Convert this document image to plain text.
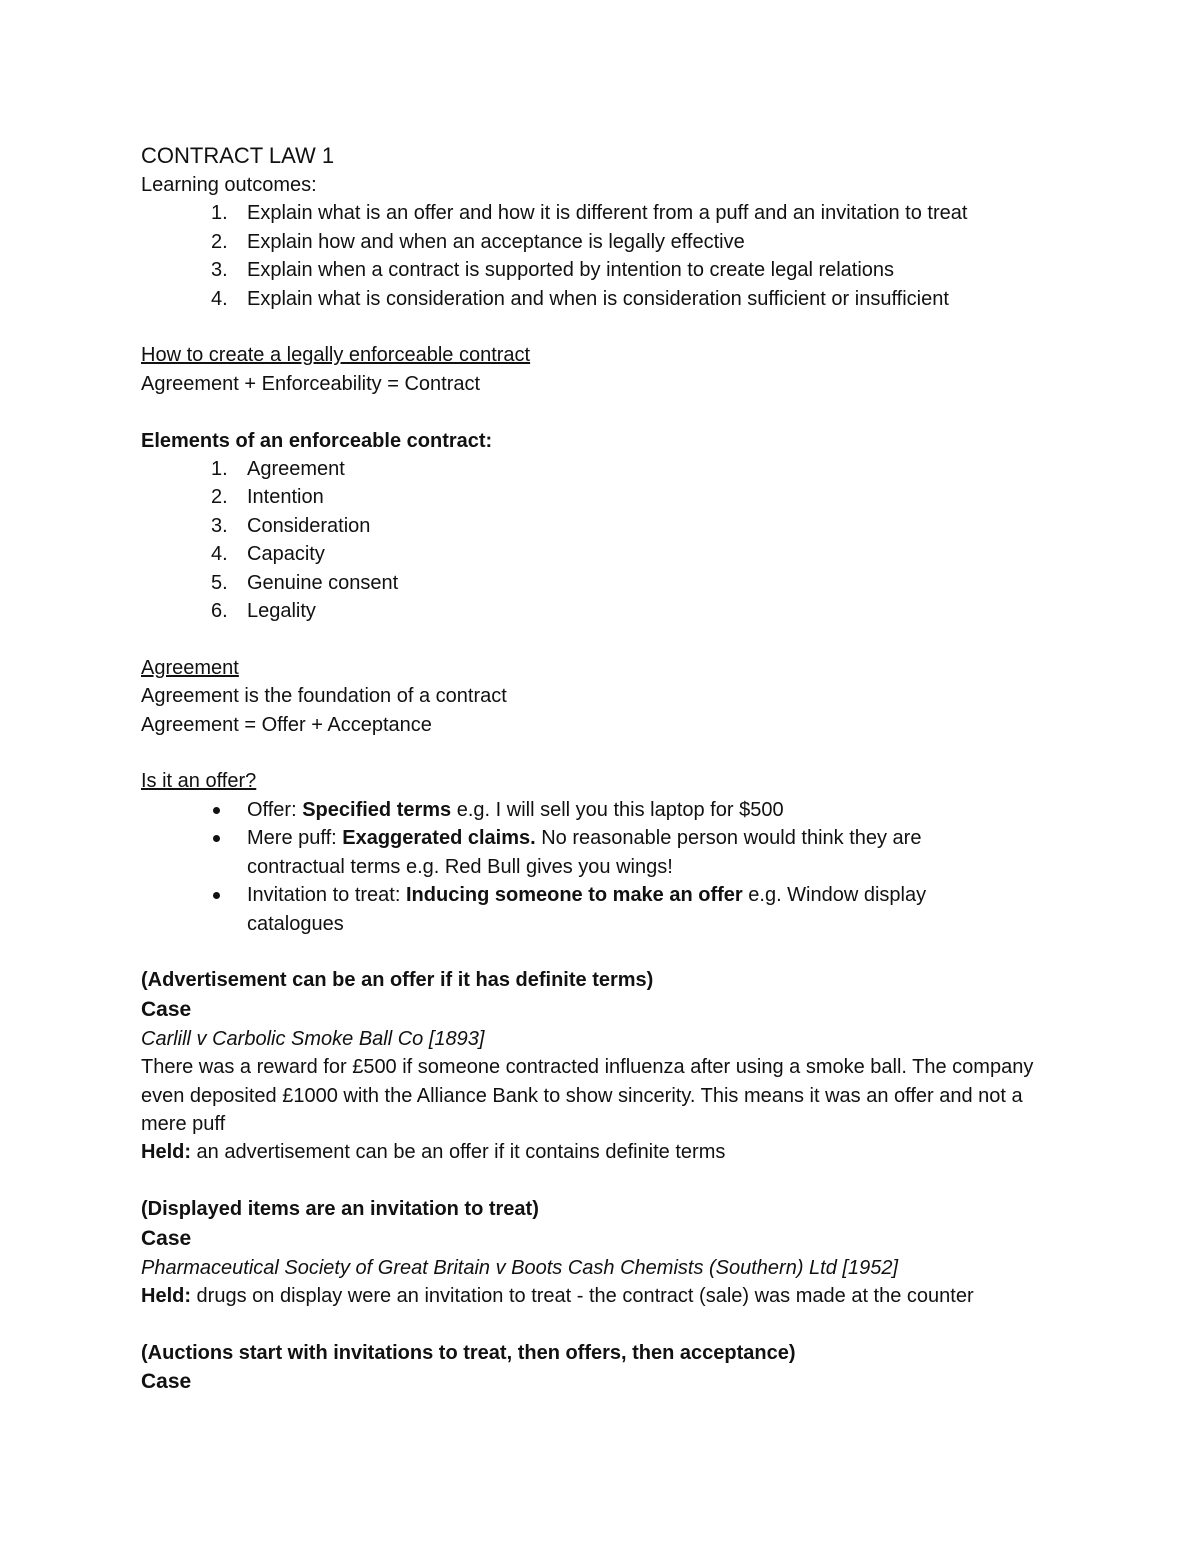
CONTRACT LAW 1
Learning outcomes:
1. Explain what is an offer and how it is different from a puff and an invitation to treat
2. Explain how and when an acceptance is legally effective
3. Explain when a contract is supported by intention to create legal relations
4. Explain what is consideration and when is consideration sufficient or insufficient
How to create a legally enforceable contract
Agreement + Enforceability = Contract
Elements of an enforceable contract:
1. Agreement
2. Intention
3. Consideration
4. Capacity
5. Genuine consent
6. Legality
Agreement
Agreement is the foundation of a contract
Agreement = Offer + Acceptance
Is it an offer?
Offer: Specified terms e.g. I will sell you this laptop for $500
Mere puff: Exaggerated claims. No reasonable person would think they are contractual terms e.g. Red Bull gives you wings!
Invitation to treat: Inducing someone to make an offer e.g. Window display catalogues
(Advertisement can be an offer if it has definite terms)
Case
Carlill v Carbolic Smoke Ball Co [1893]
There was a reward for £500 if someone contracted influenza after using a smoke ball. The company even deposited £1000 with the Alliance Bank to show sincerity. This means it was an offer and not a mere puff
Held: an advertisement can be an offer if it contains definite terms
(Displayed items are an invitation to treat)
Case
Pharmaceutical Society of Great Britain v Boots Cash Chemists (Southern) Ltd [1952]
Held: drugs on display were an invitation to treat - the contract (sale) was made at the counter
(Auctions start with invitations to treat, then offers, then acceptance)
Case
